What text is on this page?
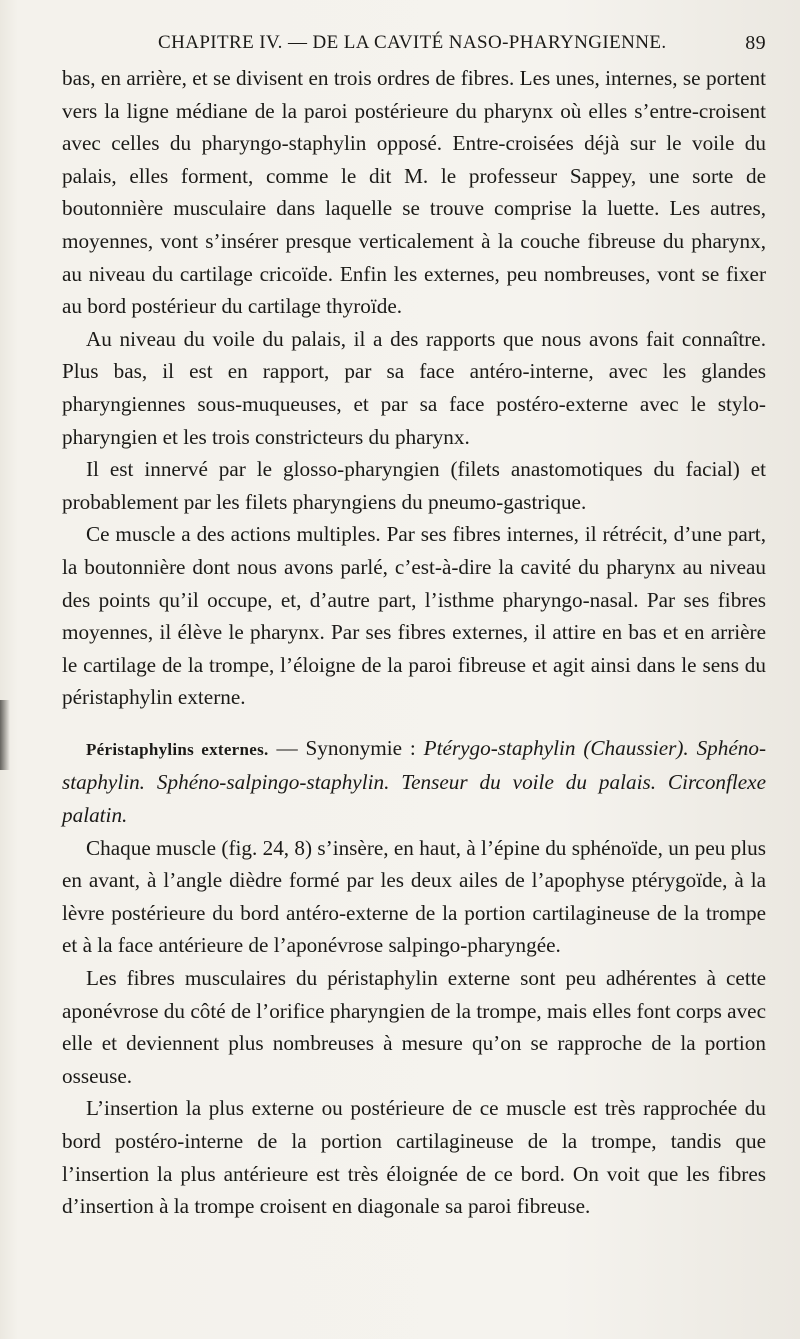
CHAPITRE IV. — DE LA CAVITÉ NASO-PHARYNGIENNE.	89

bas, en arrière, et se divisent en trois ordres de fibres. Les unes, internes, se portent vers la ligne médiane de la paroi postérieure du pharynx où elles s’entre-croisent avec celles du pharyngo-staphylin opposé. Entre-croisées déjà sur le voile du palais, elles forment, comme le dit M. le professeur Sappey, une sorte de boutonnière musculaire dans laquelle se trouve comprise la luette. Les autres, moyennes, vont s’insérer presque verticalement à la couche fibreuse du pharynx, au niveau du cartilage cricoïde. Enfin les externes, peu nombreuses, vont se fixer au bord postérieur du cartilage thyroïde.

Au niveau du voile du palais, il a des rapports que nous avons fait connaître. Plus bas, il est en rapport, par sa face antéro-interne, avec les glandes pharyngiennes sous-muqueuses, et par sa face postéro-externe avec le stylo-pharyngien et les trois constricteurs du pharynx.

Il est innervé par le glosso-pharyngien (filets anastomotiques du facial) et probablement par les filets pharyngiens du pneumo-gastrique.

Ce muscle a des actions multiples. Par ses fibres internes, il rétrécit, d’une part, la boutonnière dont nous avons parlé, c’est-à-dire la cavité du pharynx au niveau des points qu’il occupe, et, d’autre part, l’isthme pharyngo-nasal. Par ses fibres moyennes, il élève le pharynx. Par ses fibres externes, il attire en bas et en arrière le cartilage de la trompe, l’éloigne de la paroi fibreuse et agit ainsi dans le sens du péristaphylin externe.

Péristaphylins externes. — Synonymie : Ptérygo-staphylin (Chaussier). Sphéno-staphylin. Sphéno-salpingo-staphylin. Tenseur du voile du palais. Circonflexe palatin.

Chaque muscle (fig. 24, 8) s’insère, en haut, à l’épine du sphénoïde, un peu plus en avant, à l’angle dièdre formé par les deux ailes de l’apophyse ptérygoïde, à la lèvre postérieure du bord antéro-externe de la portion cartilagineuse de la trompe et à la face antérieure de l’aponévrose salpingo-pharyngée.

Les fibres musculaires du péristaphylin externe sont peu adhérentes à cette aponévrose du côté de l’orifice pharyngien de la trompe, mais elles font corps avec elle et deviennent plus nombreuses à mesure qu’on se rapproche de la portion osseuse.

L’insertion la plus externe ou postérieure de ce muscle est très rapprochée du bord postéro-interne de la portion cartilagineuse de la trompe, tandis que l’insertion la plus antérieure est très éloignée de ce bord. On voit que les fibres d’insertion à la trompe croisent en diagonale sa paroi fibreuse.
